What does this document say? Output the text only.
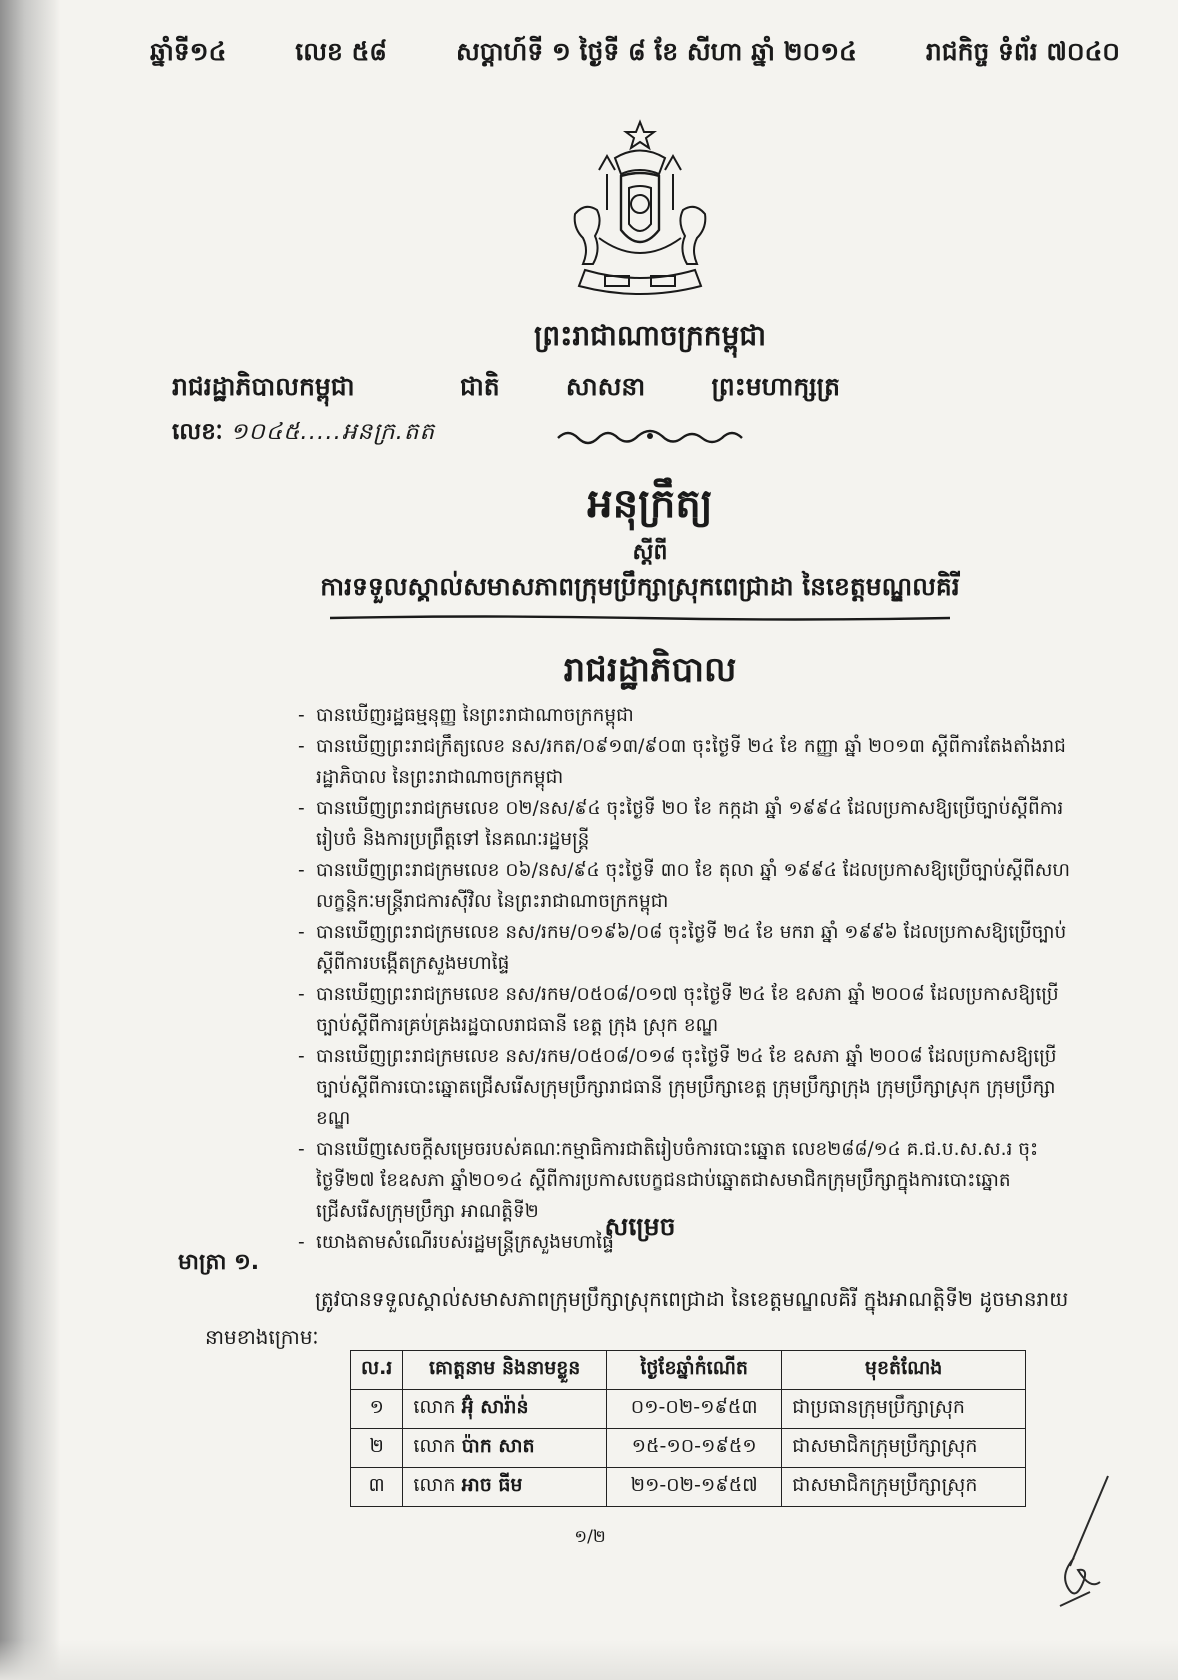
ឆ្នាំទី១៤	លេខ ៥៨	សប្តាហ៍ទី ១ ថ្ងៃទី ៨ ខែ សីហា ឆ្នាំ ២០១៤	រាជកិច្ច ទំព័រ ៧០៤០
ព្រះរាជាណាចក្រកម្ពុជា
ជាតិ	សាសនា	ព្រះមហាក្សត្រ
រាជរដ្ឋាភិបាលកម្ពុជា
លេខៈ ១០៤៥.....អនក្រ.តត
អនុក្រឹត្យ
ស្តីពី
ការទទួលស្គាល់សមាសភាពក្រុមប្រឹក្សាស្រុកពេជ្រាដា នៃខេត្តមណ្ឌលគិរី
រាជរដ្ឋាភិបាល
- បានឃើញរដ្ឋធម្មនុញ្ញ នៃព្រះរាជាណាចក្រកម្ពុជា
- បានឃើញព្រះរាជក្រឹត្យលេខ នស/រកត/០៩១៣/៩០៣ ចុះថ្ងៃទី ២៤ ខែ កញ្ញា ឆ្នាំ ២០១៣ ស្តីពីការតែងតាំងរាជរដ្ឋាភិបាល នៃព្រះរាជាណាចក្រកម្ពុជា
- បានឃើញព្រះរាជក្រមលេខ ០២/នស/៩៤ ចុះថ្ងៃទី ២០ ខែ កក្កដា ឆ្នាំ ១៩៩៤ ដែលប្រកាសឱ្យប្រើច្បាប់ស្តីពីការរៀបចំ និងការប្រព្រឹត្តទៅ នៃគណៈរដ្ឋមន្ត្រី
- បានឃើញព្រះរាជក្រមលេខ ០៦/នស/៩៤ ចុះថ្ងៃទី ៣០ ខែ តុលា ឆ្នាំ ១៩៩៤ ដែលប្រកាសឱ្យប្រើច្បាប់ស្តីពីសហលក្ខន្តិកៈមន្ត្រីរាជការស៊ីវិល នៃព្រះរាជាណាចក្រកម្ពុជា
- បានឃើញព្រះរាជក្រមលេខ នស/រកម/០១៩៦/០៨ ចុះថ្ងៃទី ២៤ ខែ មករា ឆ្នាំ ១៩៩៦ ដែលប្រកាសឱ្យប្រើច្បាប់ស្តីពីការបង្កើតក្រសួងមហាផ្ទៃ
- បានឃើញព្រះរាជក្រមលេខ នស/រកម/០៥០៨/០១៧ ចុះថ្ងៃទី ២៤ ខែ ឧសភា ឆ្នាំ ២០០៨ ដែលប្រកាសឱ្យប្រើច្បាប់ស្តីពីការគ្រប់គ្រងរដ្ឋបាលរាជធានី ខេត្ត ក្រុង ស្រុក ខណ្ឌ
- បានឃើញព្រះរាជក្រមលេខ នស/រកម/០៥០៨/០១៨ ចុះថ្ងៃទី ២៤ ខែ ឧសភា ឆ្នាំ ២០០៨ ដែលប្រកាសឱ្យប្រើច្បាប់ស្តីពីការបោះឆ្នោតជ្រើសរើសក្រុមប្រឹក្សារាជធានី ក្រុមប្រឹក្សាខេត្ត ក្រុមប្រឹក្សាក្រុង ក្រុមប្រឹក្សាស្រុក ក្រុមប្រឹក្សាខណ្ឌ
- បានឃើញសេចក្តីសម្រេចរបស់គណៈកម្មាធិការជាតិរៀបចំការបោះឆ្នោត លេខ២៨៨/១៤ គ.ជ.ប.ស.ស.រ ចុះថ្ងៃទី២៧ ខែឧសភា ឆ្នាំ២០១៤ ស្តីពីការប្រកាសបេក្ខជនជាប់ឆ្នោតជាសមាជិកក្រុមប្រឹក្សាក្នុងការបោះឆ្នោតជ្រើសរើសក្រុមប្រឹក្សា អាណត្តិទី២
- យោងតាមសំណើរបស់រដ្ឋមន្ត្រីក្រសួងមហាផ្ទៃ
សម្រេច
មាត្រា ១.
ត្រូវបានទទួលស្គាល់សមាសភាពក្រុមប្រឹក្សាស្រុកពេជ្រាដា នៃខេត្តមណ្ឌលគិរី ក្នុងអាណត្តិទី២ ដូចមានរាយនាមខាងក្រោមៈ
ល.រ	គោត្តនាម និងនាមខ្លួន	ថ្ងៃខែឆ្នាំកំណើត	មុខតំណែង
១	លោក អ៊ុំ សារ៉ាន់	០១-០២-១៩៥៣	ជាប្រធានក្រុមប្រឹក្សាស្រុក
២	លោក ប៉ាក សាត	១៥-១០-១៩៥១	ជាសមាជិកក្រុមប្រឹក្សាស្រុក
៣	លោក អាច ធីម	២១-០២-១៩៥៧	ជាសមាជិកក្រុមប្រឹក្សាស្រុក
១/២
